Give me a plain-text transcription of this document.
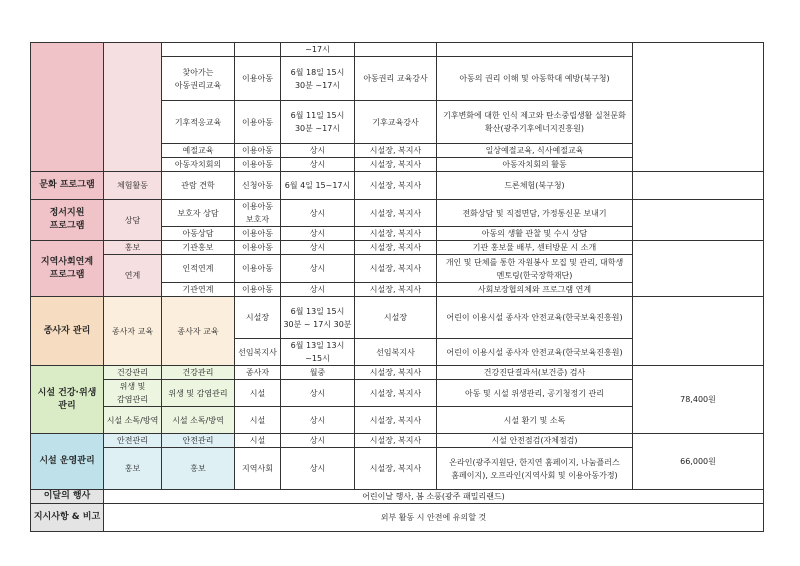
				~17시			
		찾아가는 아동권리교육	이용아동	6월 18일 15시 30분 ~17시	아동권리 교육강사	아동의 권리 이해 및 아동학대 예방(북구청)	
		기후적응교육	이용아동	6월 11일 15시 30분 ~17시	기후교육강사	기후변화에 대한 인식 제고와 탄소중립생활 실천문화 확산(광주기후에너지진흥원)	
		예절교육	이용아동	상시	시설장, 복지사	일상예절교육, 식사예절교육	
		아동자치회의	이용아동	상시	시설장, 복지사	아동자치회의 활동	
문화 프로그램	체험활동	관람 견학	신청아동	6월 4일 15~17시	시설장, 복지사	드론체험(북구청)	
정서지원 프로그램	상담	보호자 상담	이용아동 보호자	상시	시설장, 복지사	전화상담 및 직접면담, 가정통신문 보내기	
		아동상담	이용아동	상시	시설장, 복지사	아동의 생활 관찰 및 수시 상담	
지역사회연계 프로그램	홍보	기관홍보	이용아동	상시	시설장, 복지사	기관 홍보물 배부, 센터방문 시 소개	
	연계	인적연계	이용아동	상시	시설장, 복지사	개인 및 단체를 통한 자원봉사 모집 및 관리, 대학생 멘토링(한국장학재단)	
		기관연계	이용아동	상시	시설장, 복지사	사회보장협의체와 프로그램 연계	
종사자 관리	종사자 교육	종사자 교육	시설장	6월 13일 15시 30분 ~ 17시 30분	시설장	어린이 이용시설 종사자 안전교육(한국보육진흥원)	
			선임복지사	6월 13일 13시~15시	선임복지사	어린이 이용시설 종사자 안전교육(한국보육진흥원)	
시설 건강·위생 관리	건강관리	건강관리	종사자	월중	시설장, 복지사	건강진단결과서(보건증) 검사	78,400원
	위생 및 감염관리	위생 및 감염관리	시설	상시	시설장, 복지사	아동 및 시설 위생관리, 공기청정기 관리	
	시설 소독/방역	시설 소독/방역	시설	상시	시설장, 복지사	시설 환기 및 소독	
시설 운영관리	안전관리	안전관리	시설	상시	시설장, 복지사	시설 안전점검(자체점검)	66,000원
	홍보	홍보	지역사회	상시	시설장, 복지사	온라인(광주지원단, 한지연 홈페이지, 나눔플러스 홈페이지), 오프라인(지역사회 및 이용아동가정)	
이달의 행사	어린이날 행사, 봄 소풍(광주 패밀리랜드)						
지시사항 & 비고	외부 활동 시 안전에 유의할 것						
